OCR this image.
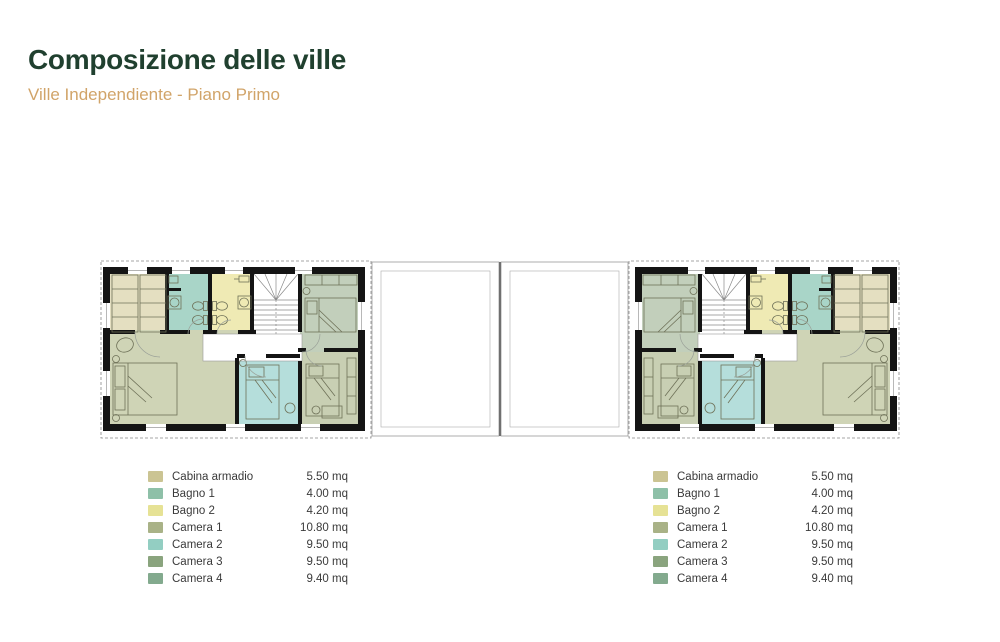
Composizione delle ville
Ville Independiente - Piano Primo
Cabina armadio	5.50 mq
Bagno 1	4.00 mq
Bagno 2	4.20 mq
Camera 1	10.80 mq
Camera 2	9.50 mq
Camera 3	9.50 mq
Camera 4	9.40 mq
Cabina armadio	5.50 mq
Bagno 1	4.00 mq
Bagno 2	4.20 mq
Camera 1	10.80 mq
Camera 2	9.50 mq
Camera 3	9.50 mq
Camera 4	9.40 mq
